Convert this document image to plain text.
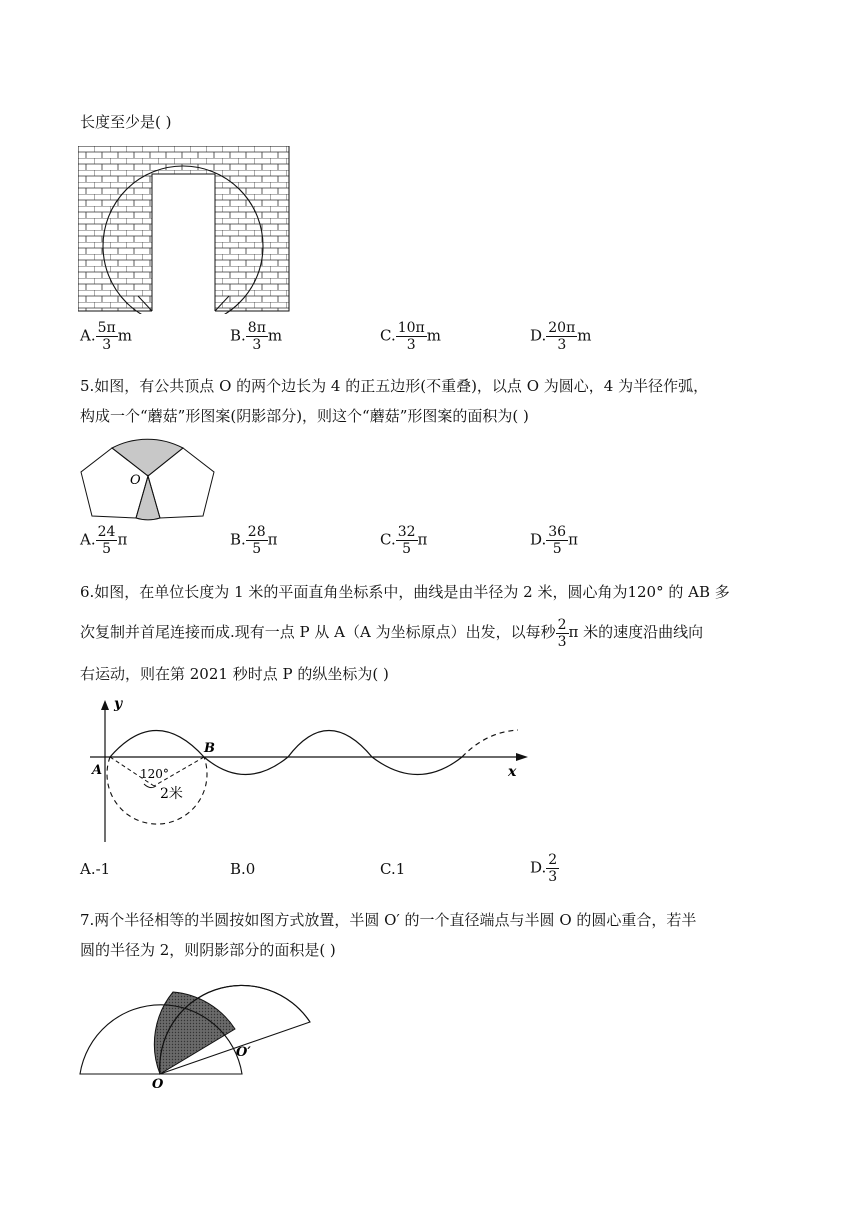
长度至少是( )
A. $\frac{5\pi}{3}$ m	B. $\frac{8\pi}{3}$ m	C. $\frac{10\pi}{3}$ m	D. $\frac{20\pi}{3}$ m
5.如图，有公共顶点 O 的两个边长为 4 的正五边形(不重叠)，以点 O 为圆心，4 为半径作弧，
构成一个“蘑菇”形图案(阴影部分)，则这个“蘑菇”形图案的面积为( )
O
A. $\frac{24}{5}$ π	B. $\frac{28}{5}$ π	C. $\frac{32}{5}$ π	D. $\frac{36}{5}$ π
6.如图，在单位长度为 1 米的平面直角坐标系中，曲线是由半径为 2 米，圆心角为120° 的 AB 多
次复制并首尾连接而成.现有一点 P 从 A（A 为坐标原点）出发，以每秒 $\frac{2}{3}$ π 米的速度沿曲线向
右运动，则在第 2021 秒时点 P 的纵坐标为( )
y
x
A
B
120°
2米
A.-1	B.0	C.1	D. $\frac{2}{3}$
7.两个半径相等的半圆按如图方式放置，半圆 O′ 的一个直径端点与半圆 O 的圆心重合，若半
圆的半径为 2，则阴影部分的面积是( )
O
O′
